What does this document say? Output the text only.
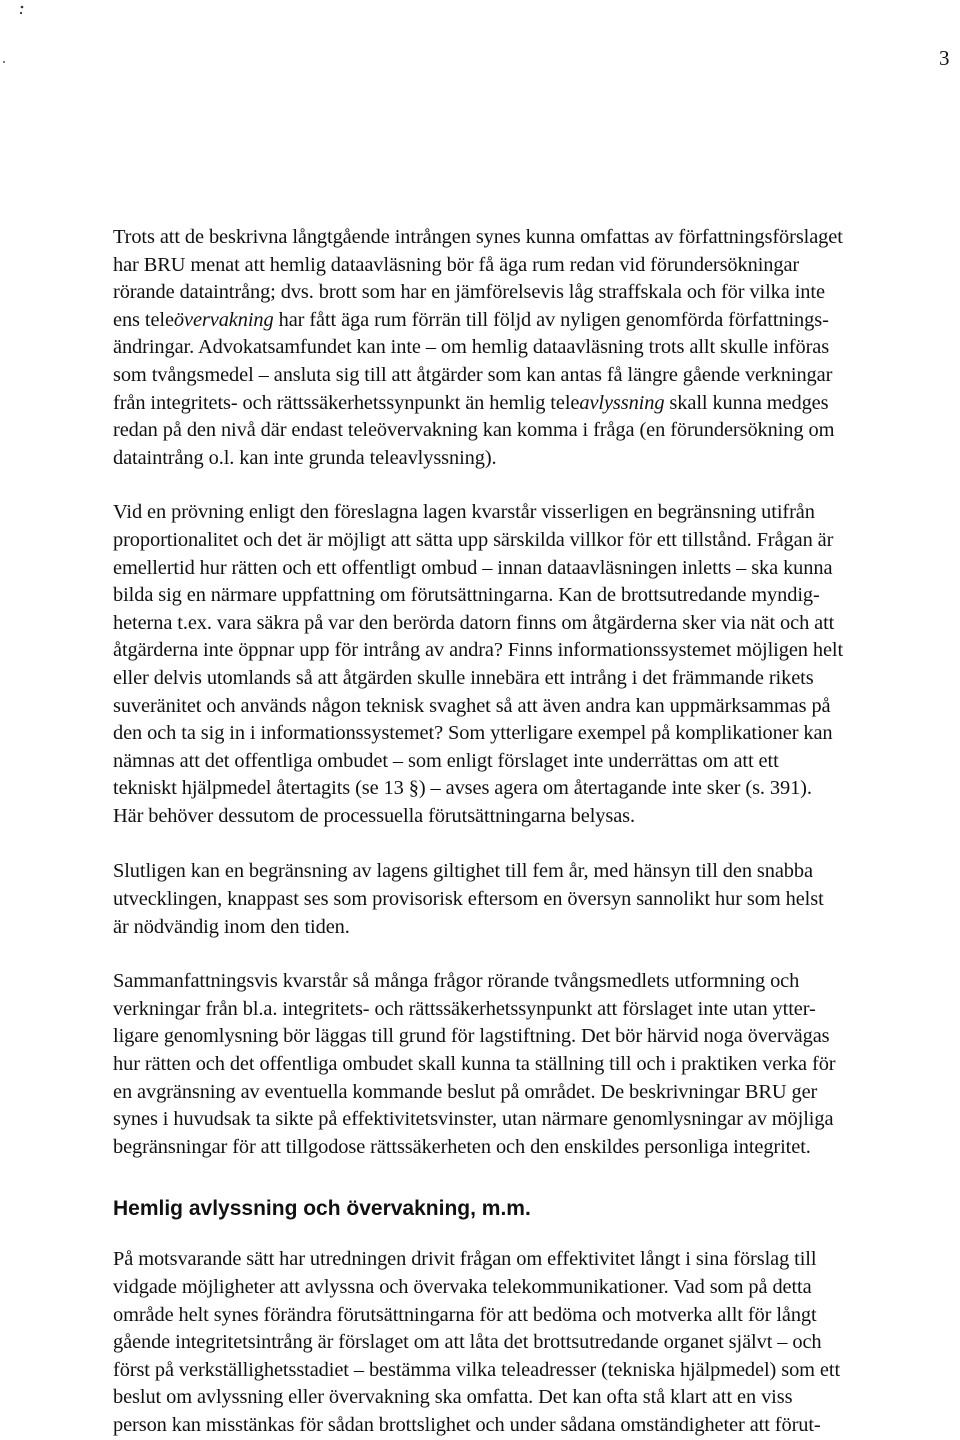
3

Trots att de beskrivna långtgående intrången synes kunna omfattas av författningsförslaget
har BRU menat att hemlig dataavläsning bör få äga rum redan vid förundersökningar
rörande dataintrång; dvs. brott som har en jämförelsevis låg straffskala och för vilka inte
ens teleövervakning har fått äga rum förrän till följd av nyligen genomförda författnings-
ändringar. Advokatsamfundet kan inte – om hemlig dataavläsning trots allt skulle införas
som tvångsmedel – ansluta sig till att åtgärder som kan antas få längre gående verkningar
från integritets- och rättssäkerhetssynpunkt än hemlig teleavlyssning skall kunna medges
redan på den nivå där endast teleövervakning kan komma i fråga (en förundersökning om
dataintrång o.l. kan inte grunda teleavlyssning).

Vid en prövning enligt den föreslagna lagen kvarstår visserligen en begränsning utifrån
proportionalitet och det är möjligt att sätta upp särskilda villkor för ett tillstånd. Frågan är
emellertid hur rätten och ett offentligt ombud – innan dataavläsningen inletts – ska kunna
bilda sig en närmare uppfattning om förutsättningarna. Kan de brottsutredande myndig-
heterna t.ex. vara säkra på var den berörda datorn finns om åtgärderna sker via nät och att
åtgärderna inte öppnar upp för intrång av andra? Finns informationssystemet möjligen helt
eller delvis utomlands så att åtgärden skulle innebära ett intrång i det främmande rikets
suveränitet och används någon teknisk svaghet så att även andra kan uppmärksammas på
den och ta sig in i informationssystemet? Som ytterligare exempel på komplikationer kan
nämnas att det offentliga ombudet – som enligt förslaget inte underrättas om att ett
tekniskt hjälpmedel återtagits (se 13 §) – avses agera om återtagande inte sker (s. 391).
Här behöver dessutom de processuella förutsättningarna belysas.

Slutligen kan en begränsning av lagens giltighet till fem år, med hänsyn till den snabba
utvecklingen, knappast ses som provisorisk eftersom en översyn sannolikt hur som helst
är nödvändig inom den tiden.

Sammanfattningsvis kvarstår så många frågor rörande tvångsmedlets utformning och
verkningar från bl.a. integritets- och rättssäkerhetssynpunkt att förslaget inte utan ytter-
ligare genomlysning bör läggas till grund för lagstiftning. Det bör härvid noga övervägas
hur rätten och det offentliga ombudet skall kunna ta ställning till och i praktiken verka för
en avgränsning av eventuella kommande beslut på området. De beskrivningar BRU ger
synes i huvudsak ta sikte på effektivitetsvinster, utan närmare genomlysningar av möjliga
begränsningar för att tillgodose rättssäkerheten och den enskildes personliga integritet.

Hemlig avlyssning och övervakning, m.m.

På motsvarande sätt har utredningen drivit frågan om effektivitet långt i sina förslag till
vidgade möjligheter att avlyssna och övervaka telekommunikationer. Vad som på detta
område helt synes förändra förutsättningarna för att bedöma och motverka allt för långt
gående integritetsintrång är förslaget om att låta det brottsutredande organet självt – och
först på verkställighetsstadiet – bestämma vilka teleadresser (tekniska hjälpmedel) som ett
beslut om avlyssning eller övervakning ska omfatta. Det kan ofta stå klart att en viss
person kan misstänkas för sådan brottslighet och under sådana omständigheter att förut-
